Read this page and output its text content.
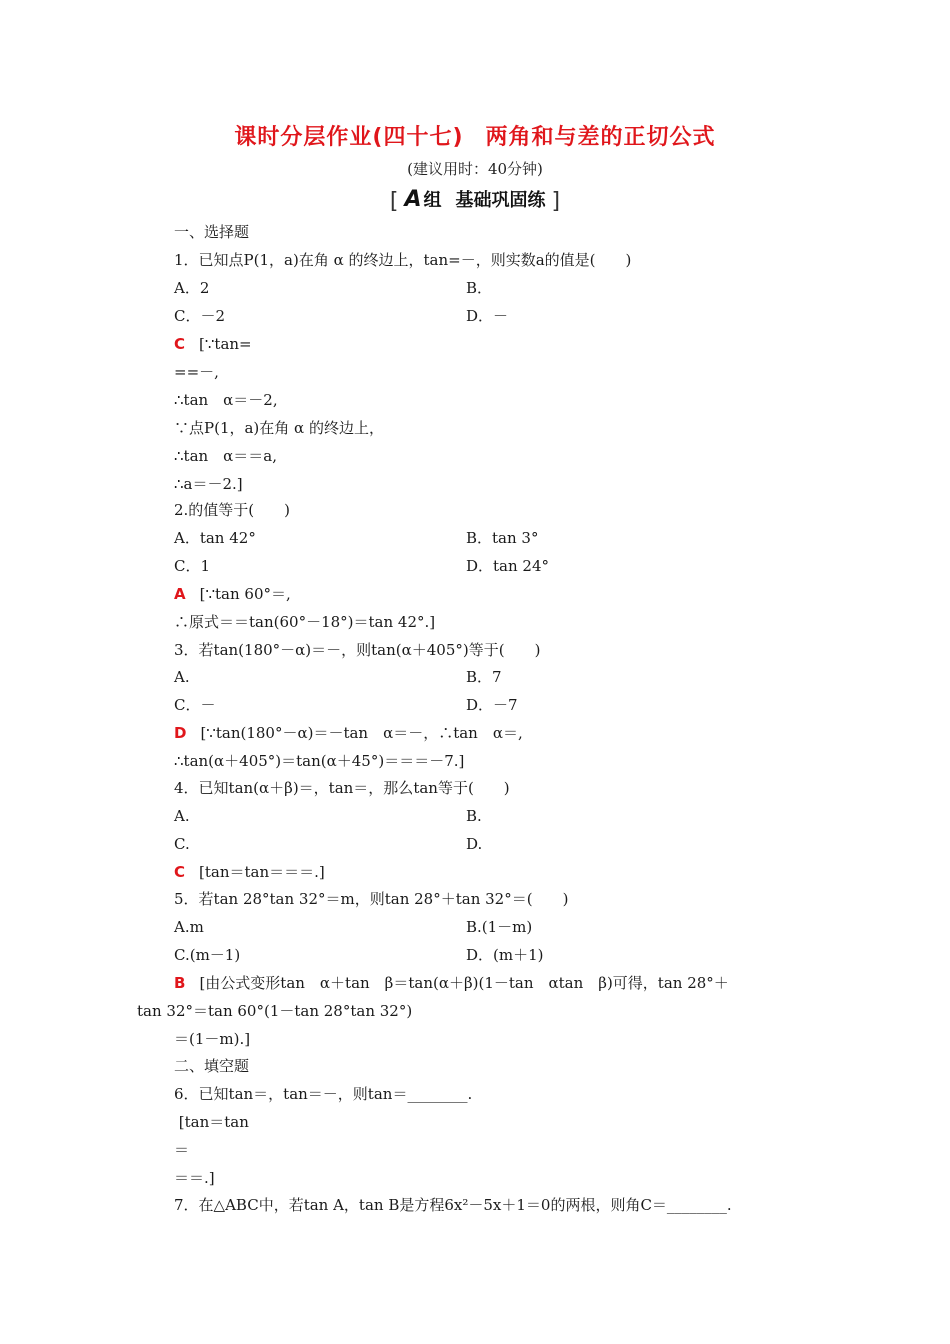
课时分层作业(四十七) 两角和与差的正切公式
(建议用时：40分钟)
[ A 组 基础巩固练 ]
一、选择题
1．已知点P(1，a)在角 α 的终边上，tan=－，则实数a的值是(　　)
A．2	B．
C．－2	D．－
C [∵tan=
==－,
∴tan　α＝－2,
∵点P(1，a)在角 α 的终边上，
∴tan　α＝＝a,
∴a＝－2.]
2.的值等于(　　)
A．tan 42°	B．tan 3°
C．1	D．tan 24°
A [∵tan 60°＝,
∴原式＝＝tan(60°－18°)＝tan 42°.]
3．若tan(180°－α)＝－，则tan(α＋405°)等于(　　)
A.	B．7
C．－	D．－7
D [∵tan(180°－α)＝－tan　α＝－，∴tan　α＝,
∴tan(α＋405°)＝tan(α＋45°)＝＝＝－7.]
4．已知tan(α＋β)＝，tan＝，那么tan等于(　　)
A.	B.
C.	D.
C [tan＝tan＝＝＝.]
5．若tan 28°tan 32°＝m，则tan 28°＋tan 32°＝(　　)
A.m	B.(1－m)
C.(m－1)	D．(m＋1)
B [由公式变形tan　α＋tan　β＝tan(α＋β)(1－tan　αtan　β)可得，tan 28°＋
tan 32°＝tan 60°(1－tan 28°tan 32°)
＝(1－m).]
二、填空题
6．已知tan＝，tan＝－，则tan＝________.
[tan＝tan
＝
＝＝.]
7．在△ABC中，若tan A，tan B是方程6x²－5x＋1＝0的两根，则角C＝________.
